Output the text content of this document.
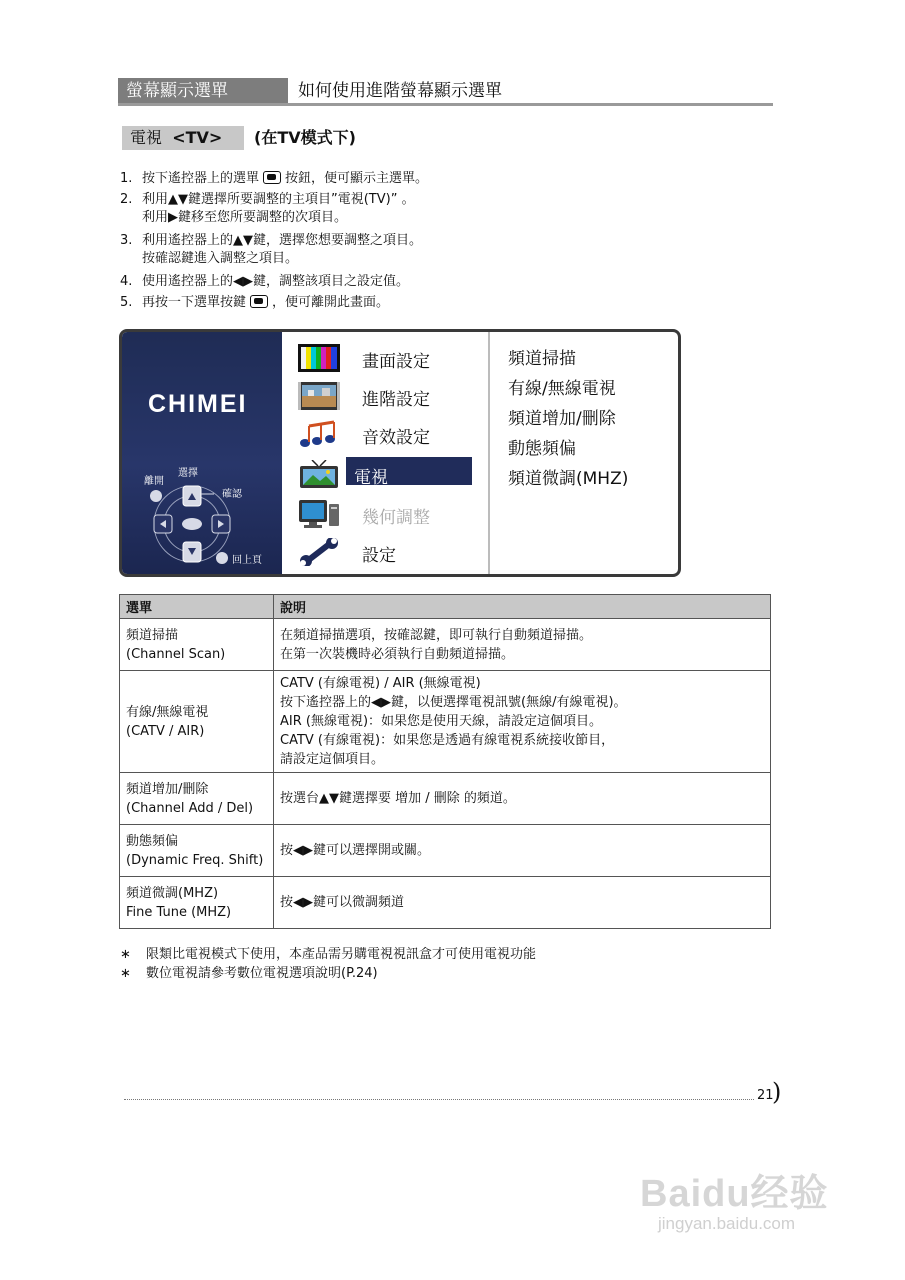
螢幕顯示選單	如何使用進階螢幕顯示選單
電視 <TV>	(在TV模式下)
1. 按下遙控器上的選單 按鈕，便可顯示主選單。
2. 利用▲▼鍵選擇所要調整的主項目”電視(TV)” 。
利用▶鍵移至您所要調整的次項目。
3. 利用遙控器上的▲▼鍵，選擇您想要調整之項目。
按確認鍵進入調整之項目。
4. 使用遙控器上的◀▶鍵，調整該項目之設定值。
5. 再按一下選單按鍵 ，便可離開此畫面。
CHIMEI
離開
選擇
確認
回上頁
畫面設定
進階設定
音效設定
電視
幾何調整
設定
頻道掃描
有線/無線電視
頻道增加/刪除
動態頻偏
頻道微調(MHZ)
選單	說明

頻道掃描
(Channel Scan)	在頻道掃描選項，按確認鍵，即可執行自動頻道掃描。
在第一次裝機時必須執行自動頻道掃描。

有線/無線電視
(CATV / AIR)	CATV (有線電視) / AIR (無線電視)
按下遙控器上的◀▶鍵，以便選擇電視訊號(無線/有線電視)。
AIR (無線電視)：如果您是使用天線，請設定這個項目。
CATV (有線電視)：如果您是透過有線電視系統接收節目，
請設定這個項目。

頻道增加/刪除
(Channel Add / Del)	按選台▲▼鍵選擇要 增加 / 刪除 的頻道。

動態頻偏
(Dynamic Freq. Shift)	按◀▶鍵可以選擇開或關。

頻道微調(MHZ)
Fine Tune (MHZ)	按◀▶鍵可以微調頻道
∗ 限類比電視模式下使用，本產品需另購電視視訊盒才可使用電視功能
∗ 數位電視請參考數位電視選項說明(P.24)
21
)
Baidu经验
jingyan.baidu.com
